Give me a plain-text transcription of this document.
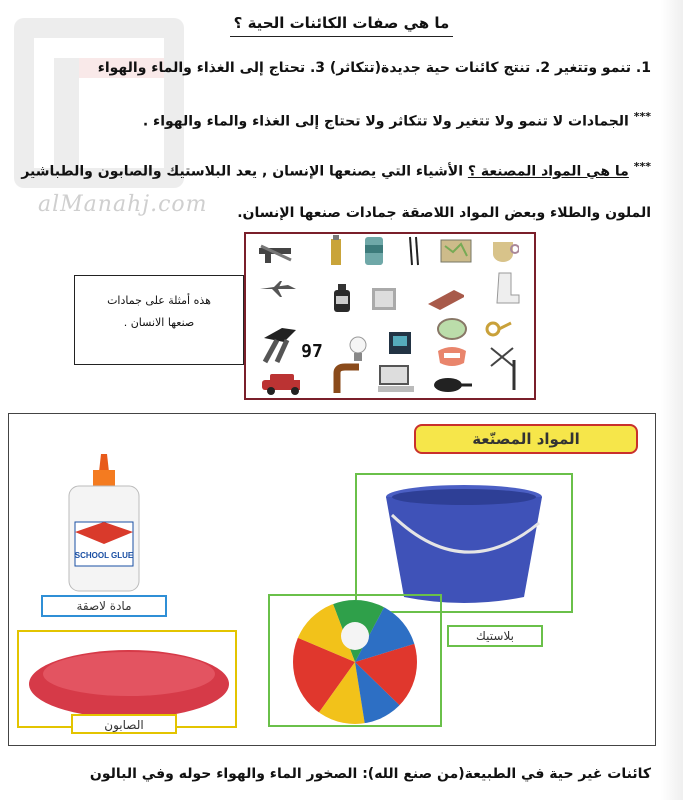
alManahj.com
ما هي صفات الكائنات الحية ؟
1. تنمو وتتغير 2. تنتج كائنات حية جديدة(تتكاثر) 3. تحتاج إلى الغذاء والماء والهواء
*** الجمادات لا تنمو ولا تتغير ولا تتكاثر ولا تحتاج إلى الغذاء والماء والهواء .
*** ما هي المواد المصنعة ؟ الأشياء التي يصنعها الإنسان , يعد البلاستيك والصابون والطباشير
الملون والطلاء وبعض المواد اللاصقة جمادات صنعها الإنسان.
هذه أمثلة على جمادات
صنعها الانسان .
97
المواد المصنّعة
SCHOOL GLUE
مادة لاصقة
بلاستيك
الصابون
كائنات غير حية في الطبيعة(من صنع الله): الصخور الماء والهواء حوله وفي البالون
